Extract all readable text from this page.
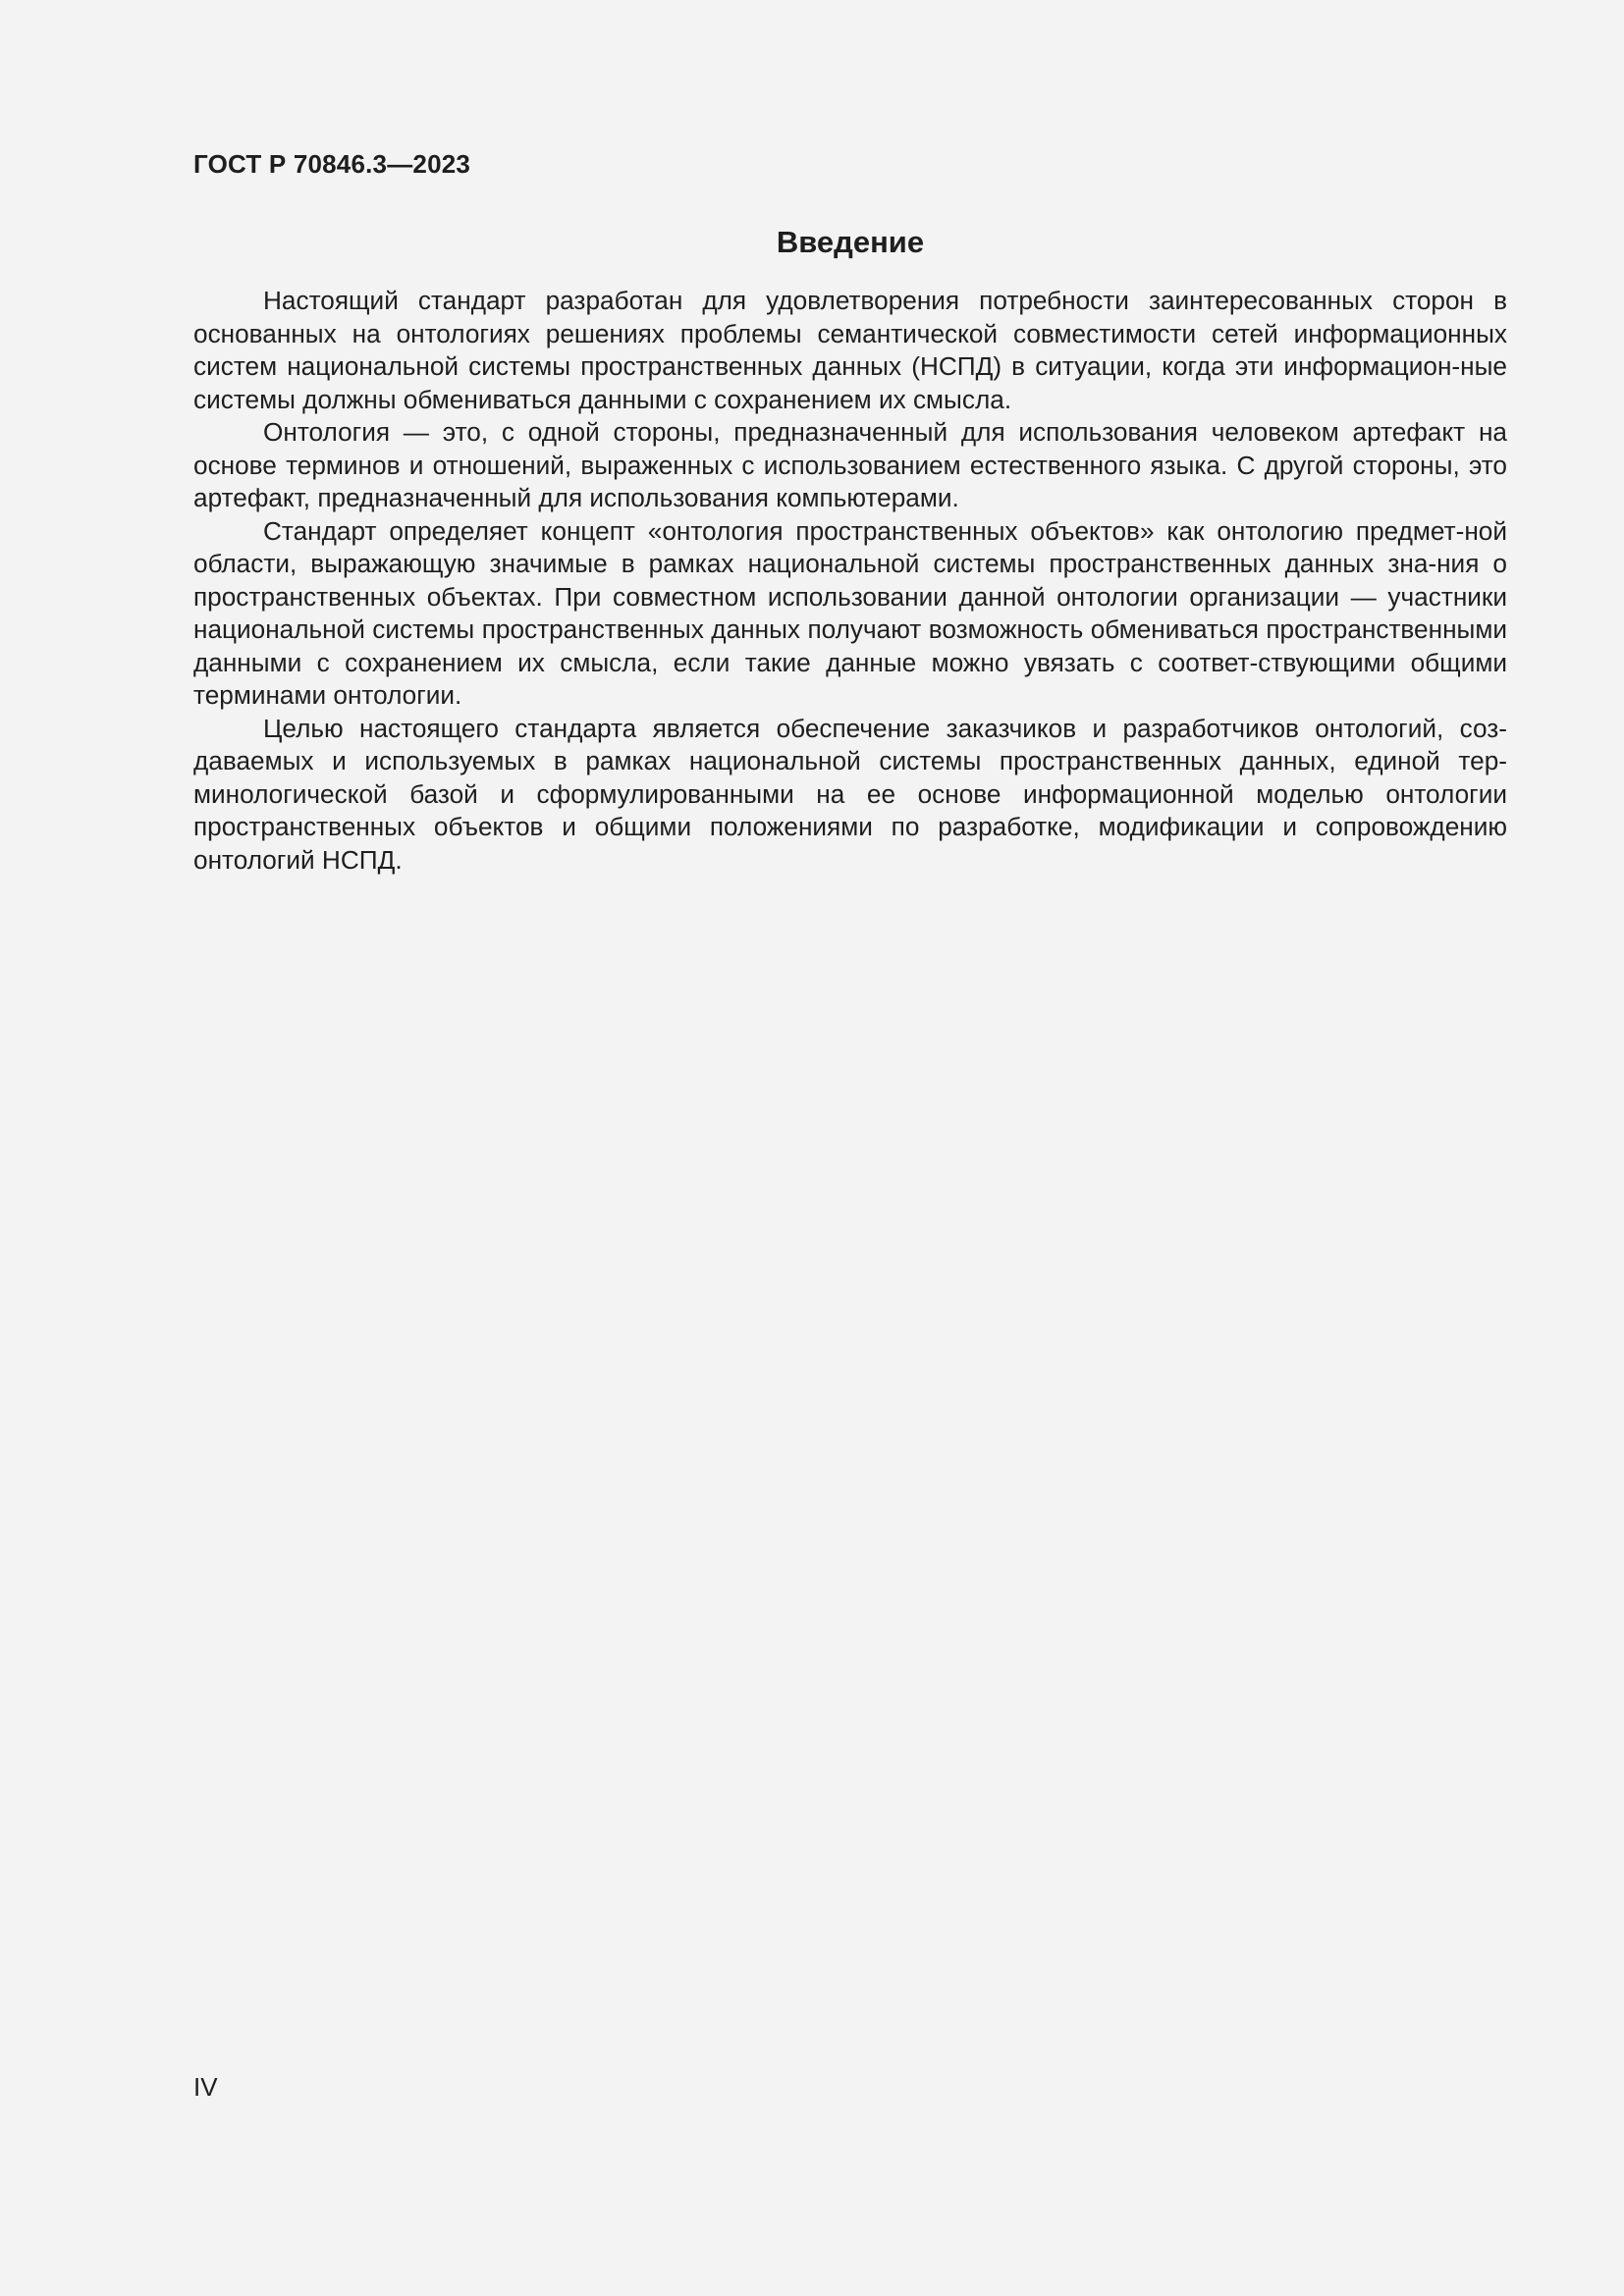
ГОСТ Р 70846.3—2023
Введение

Настоящий стандарт разработан для удовлетворения потребности заинтересованных сторон в основанных на онтологиях решениях проблемы семантической совместимости сетей информационных систем национальной системы пространственных данных (НСПД) в ситуации, когда эти информацион-ные системы должны обмениваться данными с сохранением их смысла.

Онтология — это, с одной стороны, предназначенный для использования человеком артефакт на основе терминов и отношений, выраженных с использованием естественного языка. С другой стороны, это артефакт, предназначенный для использования компьютерами.

Стандарт определяет концепт «онтология пространственных объектов» как онтологию предмет-ной области, выражающую значимые в рамках национальной системы пространственных данных зна-ния о пространственных объектах. При совместном использовании данной онтологии организации — участники национальной системы пространственных данных получают возможность обмениваться пространственными данными с сохранением их смысла, если такие данные можно увязать с соответ-ствующими общими терминами онтологии.

Целью настоящего стандарта является обеспечение заказчиков и разработчиков онтологий, соз-даваемых и используемых в рамках национальной системы пространственных данных, единой тер-минологической базой и сформулированными на ее основе информационной моделью онтологии пространственных объектов и общими положениями по разработке, модификации и сопровождению онтологий НСПД.

IV
